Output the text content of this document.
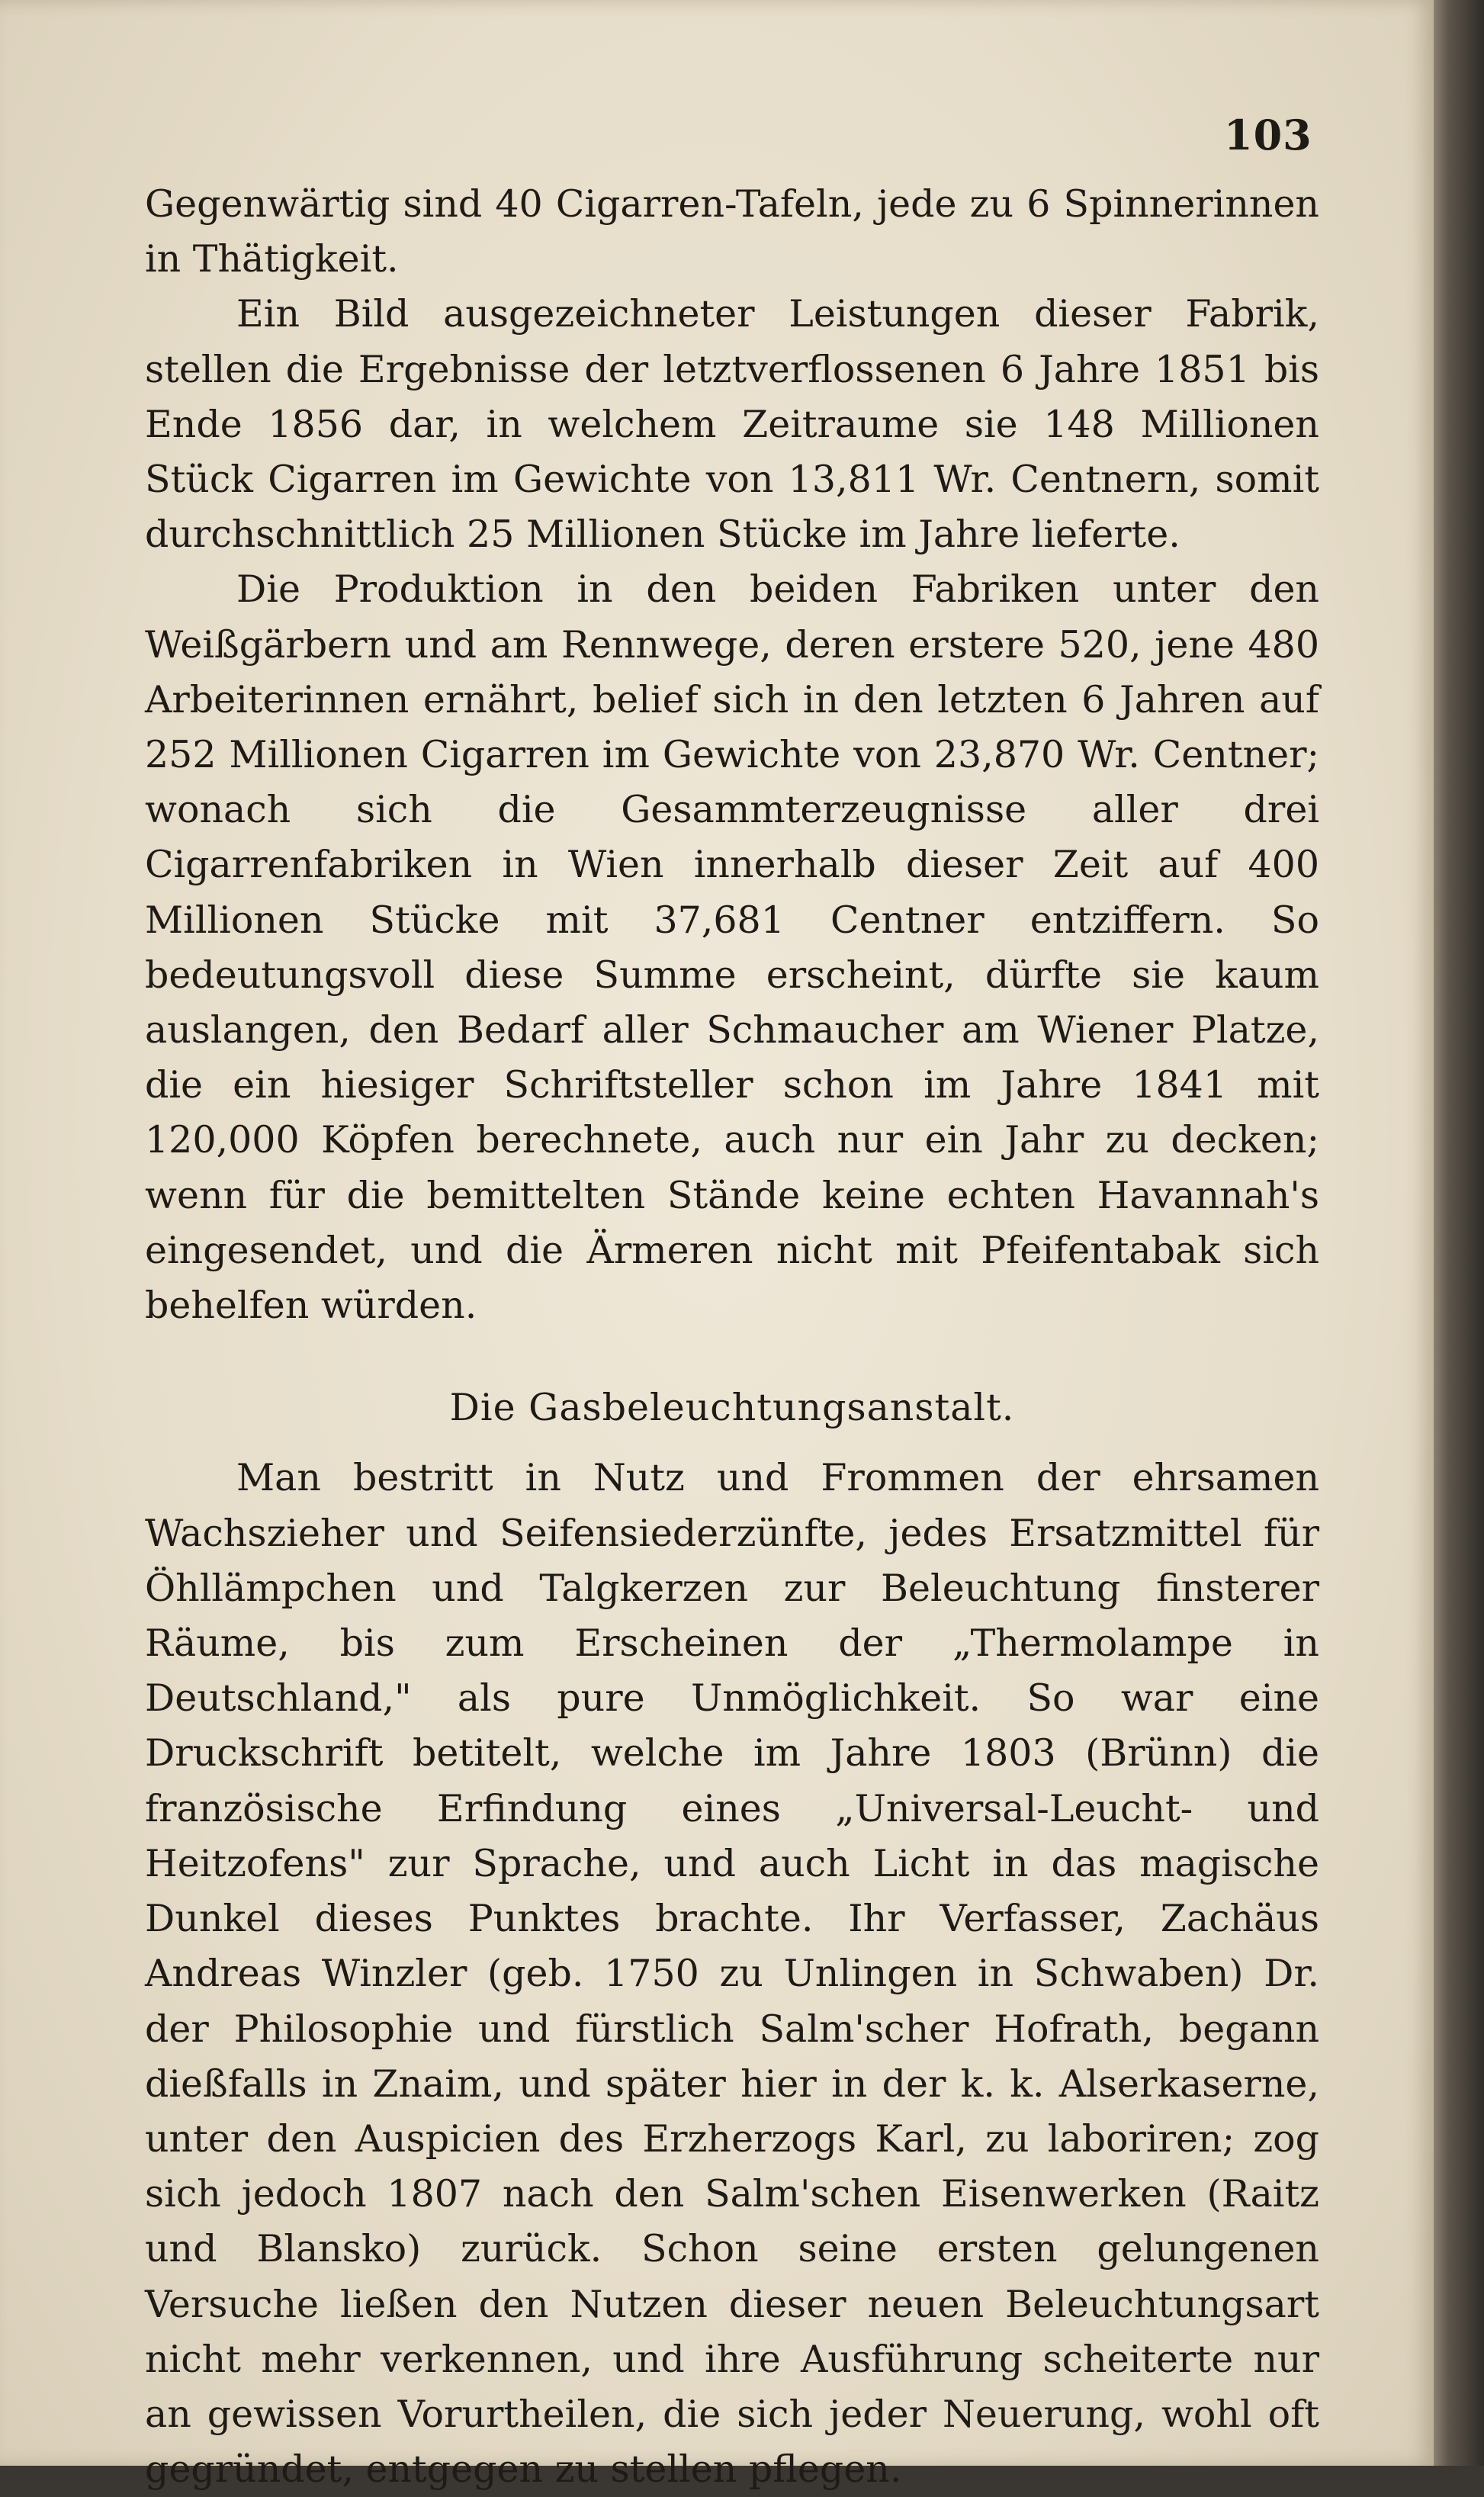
103

Gegenwärtig sind 40 Cigarren-Tafeln, jede zu 6 Spinnerinnen in Thätigkeit.

Ein Bild ausgezeichneter Leistungen dieser Fabrik, stellen die Ergebnisse der letztverflossenen 6 Jahre 1851 bis Ende 1856 dar, in welchem Zeitraume sie 148 Millionen Stück Cigarren im Gewichte von 13,811 Wr. Centnern, somit durchschnittlich 25 Millionen Stücke im Jahre lieferte.

Die Produktion in den beiden Fabriken unter den Weißgärbern und am Rennwege, deren erstere 520, jene 480 Arbeiterinnen ernährt, belief sich in den letzten 6 Jahren auf 252 Millionen Cigarren im Gewichte von 23,870 Wr. Centner; wonach sich die Gesammterzeugnisse aller drei Cigarrenfabriken in Wien innerhalb dieser Zeit auf 400 Millionen Stücke mit 37,681 Centner entziffern. So bedeutungsvoll diese Summe erscheint, dürfte sie kaum auslangen, den Bedarf aller Schmaucher am Wiener Platze, die ein hiesiger Schriftsteller schon im Jahre 1841 mit 120,000 Köpfen berechnete, auch nur ein Jahr zu decken; wenn für die bemittelten Stände keine echten Havannah's eingesendet, und die Ärmeren nicht mit Pfeifentabak sich behelfen würden.

Die Gasbeleuchtungsanstalt.

Man bestritt in Nutz und Frommen der ehrsamen Wachszieher und Seifensiederzünfte, jedes Ersatzmittel für Öhllämpchen und Talgkerzen zur Beleuchtung finsterer Räume, bis zum Erscheinen der „Thermolampe in Deutschland," als pure Unmöglichkeit. So war eine Druckschrift betitelt, welche im Jahre 1803 (Brünn) die französische Erfindung eines „Universal-Leucht- und Heitzofens" zur Sprache, und auch Licht in das magische Dunkel dieses Punktes brachte. Ihr Verfasser, Zachäus Andreas Winzler (geb. 1750 zu Unlingen in Schwaben) Dr. der Philosophie und fürstlich Salm'scher Hofrath, begann dießfalls in Znaim, und später hier in der k. k. Alserkaserne, unter den Auspicien des Erzherzogs Karl, zu laboriren; zog sich jedoch 1807 nach den Salm'schen Eisenwerken (Raitz und Blansko) zurück. Schon seine ersten gelungenen Versuche ließen den Nutzen dieser neuen Beleuchtungsart nicht mehr verkennen, und ihre Ausführung scheiterte nur an gewissen Vorurtheilen, die sich jeder Neuerung, wohl oft gegründet, entgegen zu stellen pflegen.
